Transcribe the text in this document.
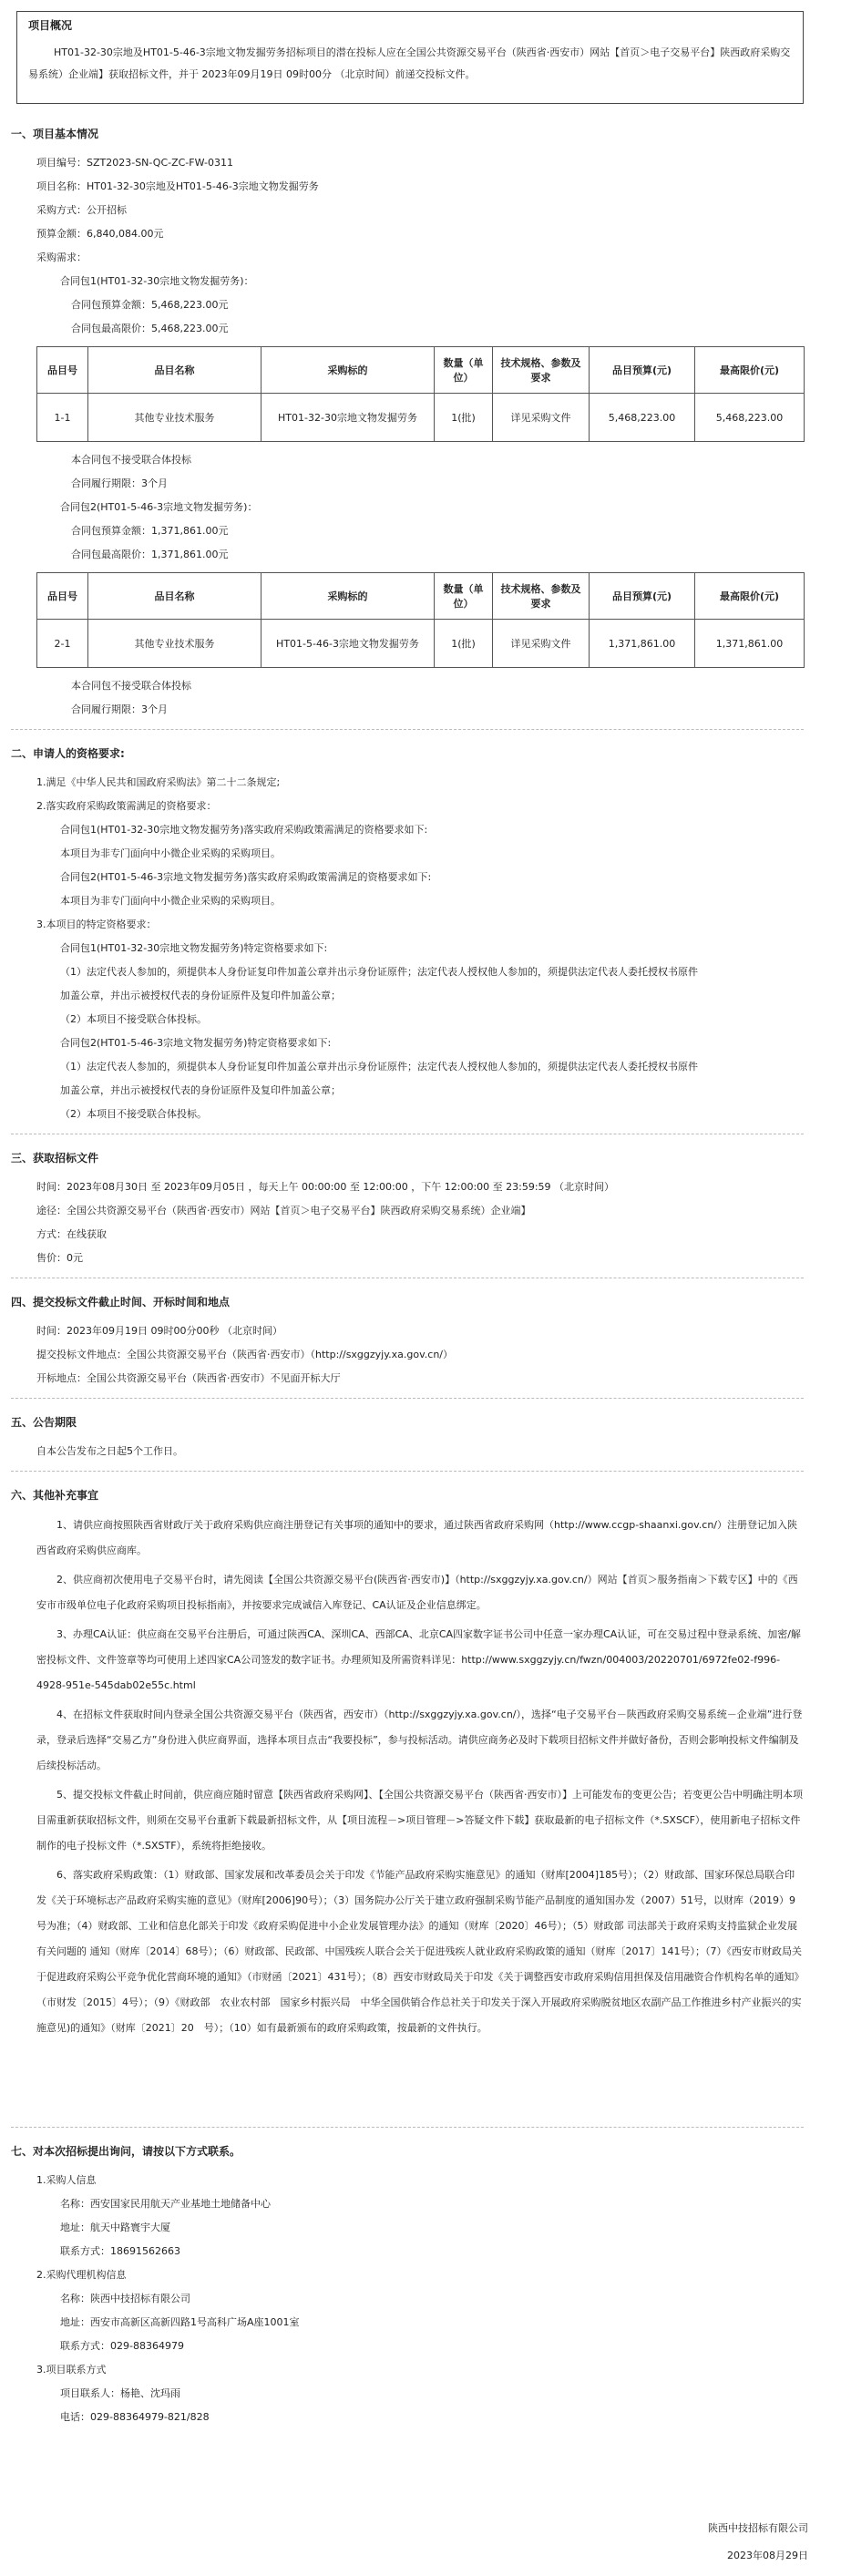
项目概况
HT01-32-30宗地及HT01-5-46-3宗地文物发掘劳务招标项目的潜在投标人应在全国公共资源交易平台（陕西省·西安市）网站【首页＞电子交易平台】陕西政府采购交易系统）企业端】获取招标文件，并于 2023年09月19日 09时00分 （北京时间）前递交投标文件。
一、项目基本情况
项目编号：SZT2023-SN-QC-ZC-FW-0311
项目名称：HT01-32-30宗地及HT01-5-46-3宗地文物发掘劳务
采购方式：公开招标
预算金额：6,840,084.00元
采购需求：
合同包1(HT01-32-30宗地文物发掘劳务)：
合同包预算金额：5,468,223.00元
合同包最高限价：5,468,223.00元
品目号	品目名称	采购标的	数量（单位）	技术规格、参数及要求	品目预算(元)	最高限价(元)
1-1	其他专业技术服务	HT01-32-30宗地文物发掘劳务	1(批)	详见采购文件	5,468,223.00	5,468,223.00
本合同包不接受联合体投标
合同履行期限：3个月
合同包2(HT01-5-46-3宗地文物发掘劳务)：
合同包预算金额：1,371,861.00元
合同包最高限价：1,371,861.00元
品目号	品目名称	采购标的	数量（单位）	技术规格、参数及要求	品目预算(元)	最高限价(元)
2-1	其他专业技术服务	HT01-5-46-3宗地文物发掘劳务	1(批)	详见采购文件	1,371,861.00	1,371,861.00
本合同包不接受联合体投标
合同履行期限：3个月
二、申请人的资格要求:
1.满足《中华人民共和国政府采购法》第二十二条规定;
2.落实政府采购政策需满足的资格要求：
合同包1(HT01-32-30宗地文物发掘劳务)落实政府采购政策需满足的资格要求如下:
本项目为非专门面向中小微企业采购的采购项目。
合同包2(HT01-5-46-3宗地文物发掘劳务)落实政府采购政策需满足的资格要求如下:
本项目为非专门面向中小微企业采购的采购项目。
3.本项目的特定资格要求：
合同包1(HT01-32-30宗地文物发掘劳务)特定资格要求如下:
（1）法定代表人参加的，须提供本人身份证复印件加盖公章并出示身份证原件；法定代表人授权他人参加的，须提供法定代表人委托授权书原件
加盖公章，并出示被授权代表的身份证原件及复印件加盖公章；
（2）本项目不接受联合体投标。
合同包2(HT01-5-46-3宗地文物发掘劳务)特定资格要求如下:
（1）法定代表人参加的，须提供本人身份证复印件加盖公章并出示身份证原件；法定代表人授权他人参加的，须提供法定代表人委托授权书原件
加盖公章，并出示被授权代表的身份证原件及复印件加盖公章；
（2）本项目不接受联合体投标。
三、获取招标文件
时间：2023年08月30日 至 2023年09月05日 ，每天上午 00:00:00 至 12:00:00 ，下午 12:00:00 至 23:59:59 （北京时间）
途径：全国公共资源交易平台（陕西省·西安市）网站【首页＞电子交易平台】陕西政府采购交易系统）企业端】
方式：在线获取
售价：0元
四、提交投标文件截止时间、开标时间和地点
时间：2023年09月19日 09时00分00秒 （北京时间）
提交投标文件地点：全国公共资源交易平台（陕西省·西安市）（http://sxggzyjy.xa.gov.cn/）
开标地点：全国公共资源交易平台（陕西省·西安市）不见面开标大厅
五、公告期限
自本公告发布之日起5个工作日。
六、其他补充事宜
1、请供应商按照陕西省财政厅关于政府采购供应商注册登记有关事项的通知中的要求，通过陕西省政府采购网（http://www.ccgp-shaanxi.gov.cn/）注册登记加入陕西省政府采购供应商库。
2、供应商初次使用电子交易平台时，请先阅读【全国公共资源交易平台(陕西省·西安市)】（http://sxggzyjy.xa.gov.cn/）网站【首页＞服务指南＞下载专区】中的《西安市市级单位电子化政府采购项目投标指南》，并按要求完成诚信入库登记、CA认证及企业信息绑定。
3、办理CA认证：供应商在交易平台注册后，可通过陕西CA、深圳CA、西部CA、北京CA四家数字证书公司中任意一家办理CA认证，可在交易过程中登录系统、加密/解密投标文件、文件签章等均可使用上述四家CA公司签发的数字证书。办理须知及所需资料详见：http://www.sxggzyjy.cn/fwzn/004003/20220701/6972fe02-f996-4928-951e-545dab02e55c.html
4、在招标文件获取时间内登录全国公共资源交易平台（陕西省，西安市）（http://sxggzyjy.xa.gov.cn/），选择“电子交易平台－陕西政府采购交易系统－企业端”进行登录，登录后选择“交易乙方”身份进入供应商界面，选择本项目点击“我要投标”，参与投标活动。请供应商务必及时下载项目招标文件并做好备份，否则会影响投标文件编制及后续投标活动。
5、提交投标文件截止时间前，供应商应随时留意【陕西省政府采购网】、【全国公共资源交易平台（陕西省·西安市）】上可能发布的变更公告；若变更公告中明确注明本项目需重新获取招标文件，则须在交易平台重新下载最新招标文件，从【项目流程－>项目管理－>答疑文件下载】获取最新的电子招标文件（*.SXSCF），使用新电子招标文件制作的电子投标文件（*.SXSTF），系统将拒绝接收。
6、落实政府采购政策：（1）财政部、国家发展和改革委员会关于印发《节能产品政府采购实施意见》的通知（财库[2004]185号）；（2）财政部、国家环保总局联合印发《关于环境标志产品政府采购实施的意见》（财库[2006]90号）；（3）国务院办公厅关于建立政府强制采购节能产品制度的通知国办发（2007）51号，以财库（2019）9号为准；（4）财政部、工业和信息化部关于印发《政府采购促进中小企业发展管理办法》的通知（财库〔2020〕46号）；（5）财政部 司法部关于政府采购支持监狱企业发展有关问题的 通知（财库〔2014〕68号）；（6）财政部、民政部、中国残疾人联合会关于促进残疾人就业政府采购政策的通知（财库〔2017〕141号）；（7）《西安市财政局关于促进政府采购公平竞争优化营商环境的通知》（市财函〔2021〕431号）；（8）西安市财政局关于印发《关于调整西安市政府采购信用担保及信用融资合作机构名单的通知》（市财发〔2015〕4号）；（9）《财政部　农业农村部　国家乡村振兴局　中华全国供销合作总社关于印发关于深入开展政府采购脱贫地区农副产品工作推进乡村产业振兴的实施意见)的通知》（财库〔2021〕20　号）；（10）如有最新颁布的政府采购政策，按最新的文件执行。
七、对本次招标提出询问，请按以下方式联系。
1.采购人信息
名称：西安国家民用航天产业基地土地储备中心
地址：航天中路寰宇大厦
联系方式：18691562663
2.采购代理机构信息
名称：陕西中技招标有限公司
地址：西安市高新区高新四路1号高科广场A座1001室
联系方式：029-88364979
3.项目联系方式
项目联系人：杨艳、沈玛雨
电话：029-88364979-821/828
陕西中技招标有限公司
2023年08月29日
